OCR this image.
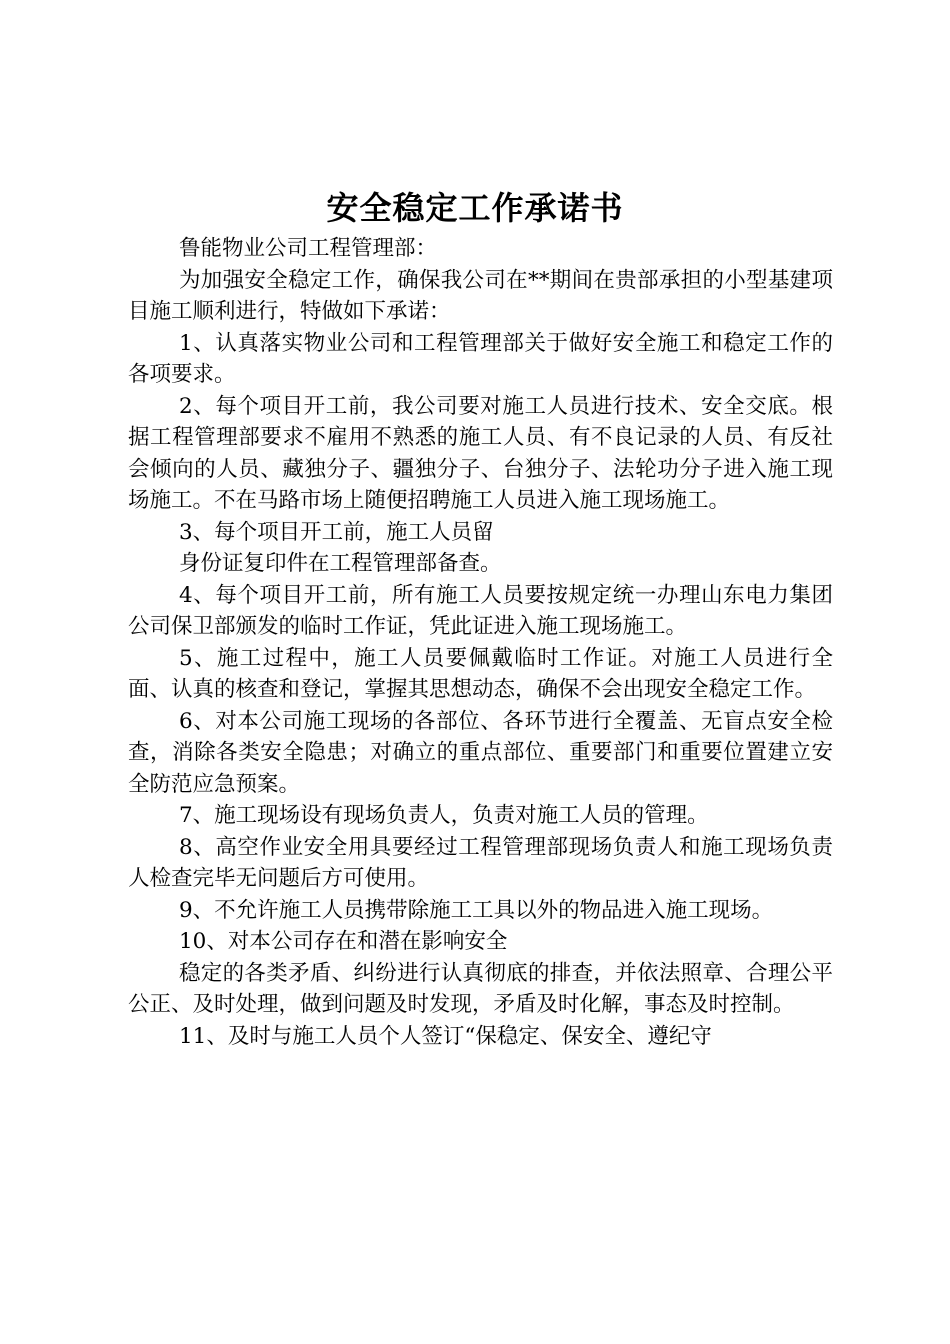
安全稳定工作承诺书

鲁能物业公司工程管理部：

为加强安全稳定工作，确保我公司在**期间在贵部承担的小型基建项目施工顺利进行，特做如下承诺：

1、认真落实物业公司和工程管理部关于做好安全施工和稳定工作的各项要求。

2、每个项目开工前，我公司要对施工人员进行技术、安全交底。根据工程管理部要求不雇用不熟悉的施工人员、有不良记录的人员、有反社会倾向的人员、藏独分子、疆独分子、台独分子、法轮功分子进入施工现场施工。不在马路市场上随便招聘施工人员进入施工现场施工。

3、每个项目开工前，施工人员留

身份证复印件在工程管理部备查。

4、每个项目开工前，所有施工人员要按规定统一办理山东电力集团公司保卫部颁发的临时工作证，凭此证进入施工现场施工。

5、施工过程中，施工人员要佩戴临时工作证。对施工人员进行全面、认真的核查和登记，掌握其思想动态，确保不会出现安全稳定工作。

6、对本公司施工现场的各部位、各环节进行全覆盖、无盲点安全检查，消除各类安全隐患；对确立的重点部位、重要部门和重要位置建立安全防范应急预案。

7、施工现场设有现场负责人，负责对施工人员的管理。

8、高空作业安全用具要经过工程管理部现场负责人和施工现场负责人检查完毕无问题后方可使用。

9、不允许施工人员携带除施工工具以外的物品进入施工现场。

10、对本公司存在和潜在影响安全

稳定的各类矛盾、纠纷进行认真彻底的排查，并依法照章、合理公平公正、及时处理，做到问题及时发现，矛盾及时化解，事态及时控制。

11、及时与施工人员个人签订“保稳定、保安全、遵纪守
